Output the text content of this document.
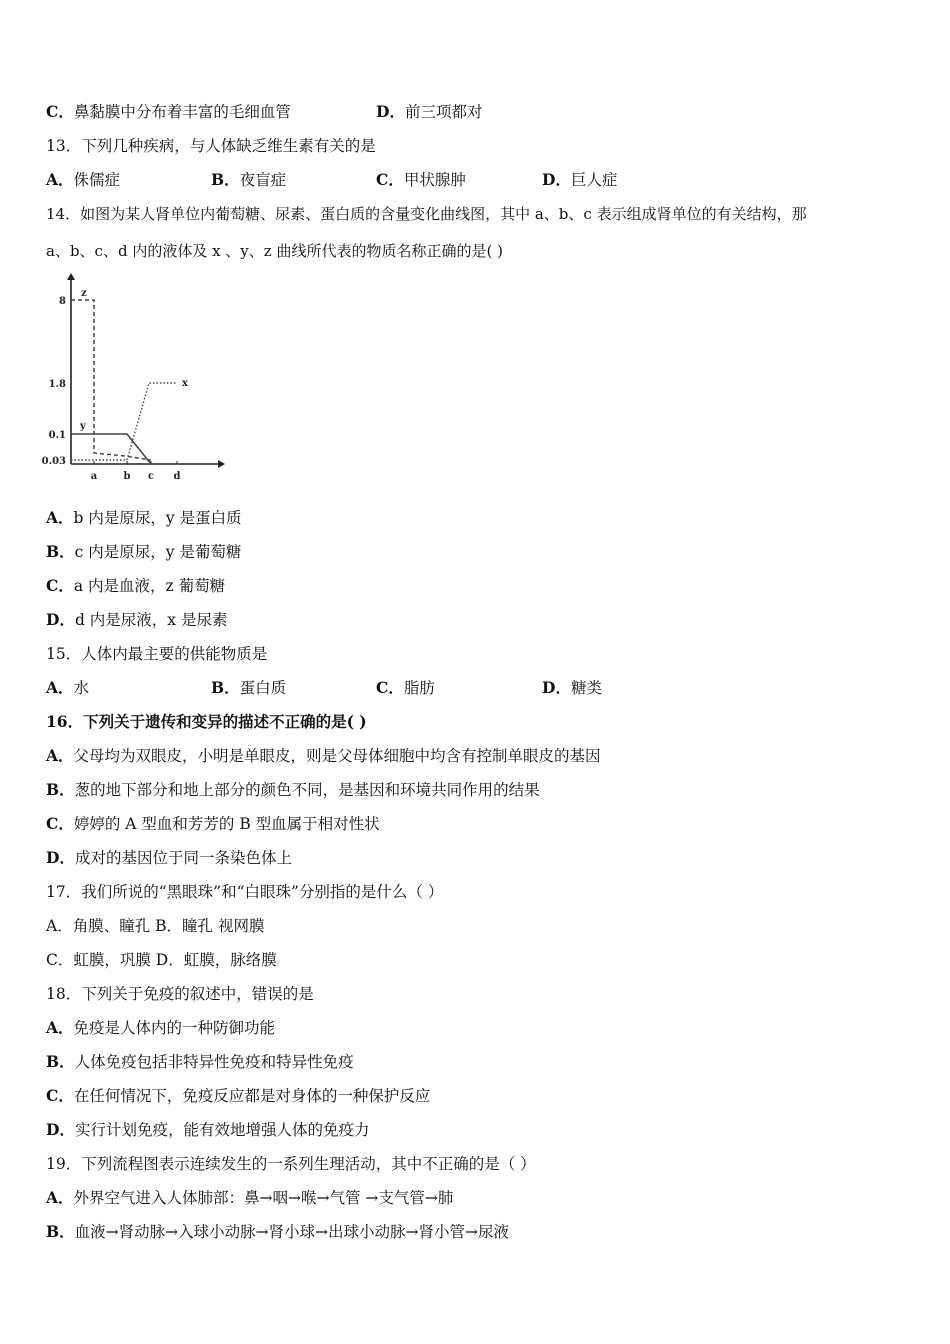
C．鼻黏膜中分布着丰富的毛细血管	D．前三项都对
13．下列几种疾病，与人体缺乏维生素有关的是
A．侏儒症	B．夜盲症	C．甲状腺肿	D．巨人症
14．如图为某人肾单位内葡萄糖、尿素、蛋白质的含量变化曲线图，其中 a、b、c 表示组成肾单位的有关结构，那
a、b、c、d 内的液体及 x 、y、z 曲线所代表的物质名称正确的是( )
0.03
0.1
1.8
8
a	b c d
z
y
x
A．b 内是原尿，y 是蛋白质
B．c 内是原尿，y 是葡萄糖
C．a 内是血液，z 葡萄糖
D．d 内是尿液，x 是尿素
15．人体内最主要的供能物质是
A．水	B．蛋白质	C．脂肪	D．糖类
16．下列关于遗传和变异的描述不正确的是( )
A．父母均为双眼皮，小明是单眼皮，则是父母体细胞中均含有控制单眼皮的基因
B．葱的地下部分和地上部分的颜色不同，是基因和环境共同作用的结果
C．婷婷的 A 型血和芳芳的 B 型血属于相对性状
D．成对的基因位于同一条染色体上
17．我们所说的“黑眼珠”和“白眼珠”分别指的是什么（ ）
A．角膜、瞳孔 B．瞳孔 视网膜
C．虹膜，巩膜 D．虹膜，脉络膜
18．下列关于免疫的叙述中，错误的是
A．免疫是人体内的一种防御功能
B．人体免疫包括非特异性免疫和特异性免疫
C．在任何情况下，免疫反应都是对身体的一种保护反应
D．实行计划免疫，能有效地增强人体的免疫力
19．下列流程图表示连续发生的一系列生理活动，其中不正确的是（ ）
A．外界空气进入人体肺部：鼻→咽→喉→气管 →支气管→肺
B．血液→肾动脉→入球小动脉→肾小球→出球小动脉→肾小管→尿液
